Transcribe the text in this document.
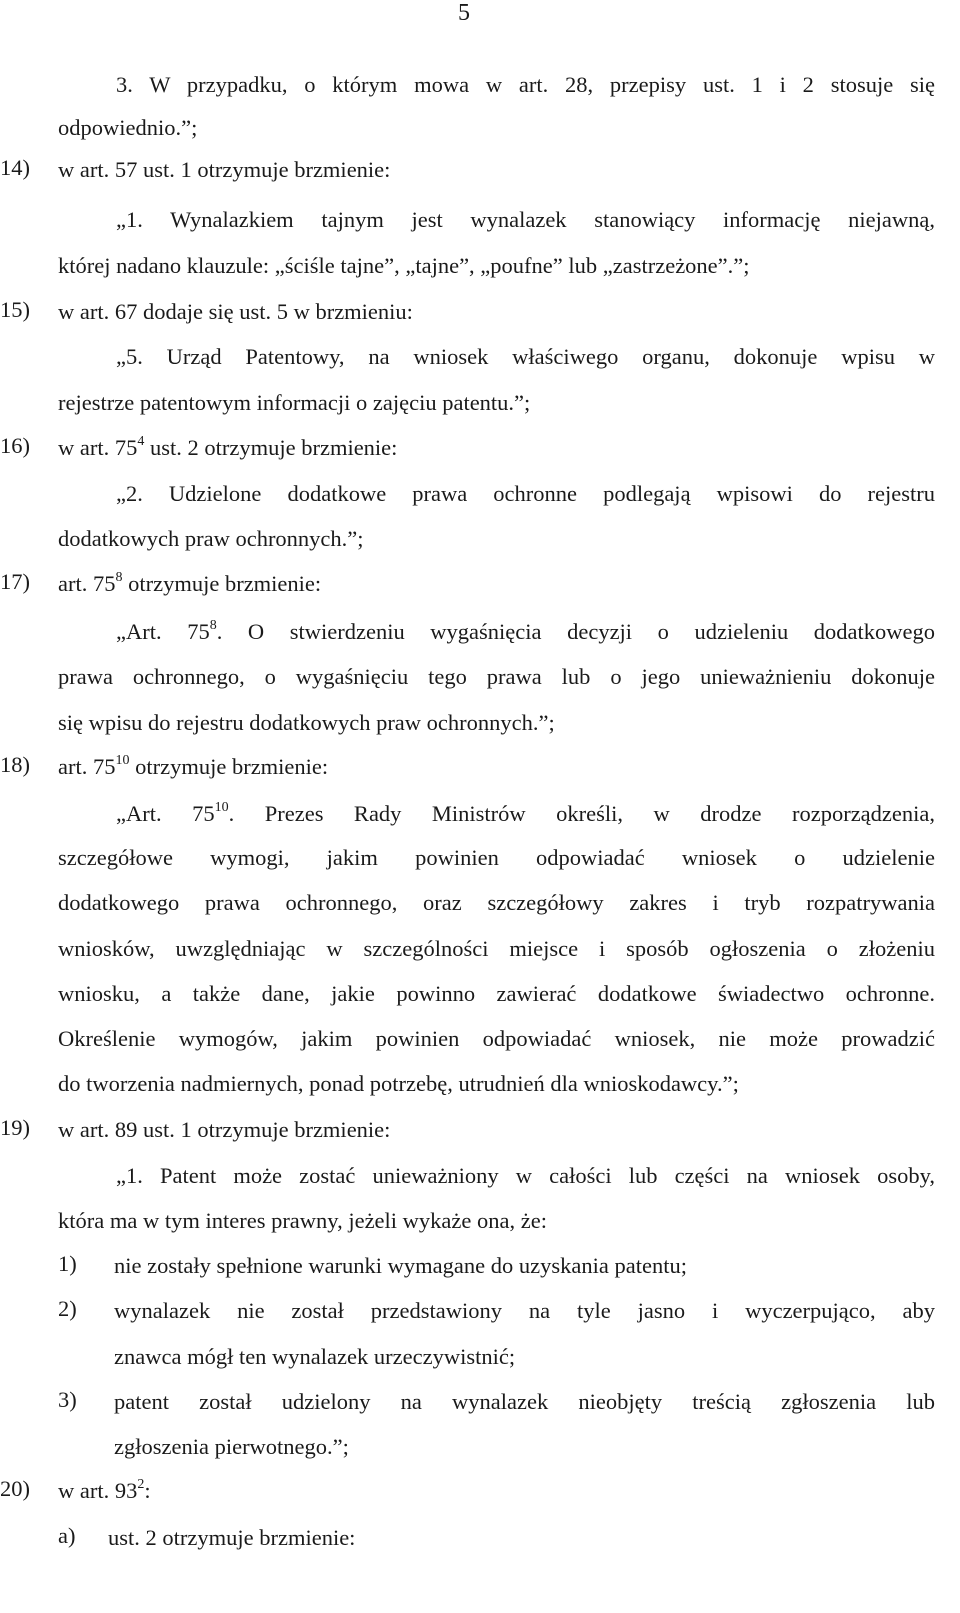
5
3. W przypadku, o którym mowa w art. 28, przepisy ust. 1 i 2 stosuje się
odpowiednio.”;
14) w art. 57 ust. 1 otrzymuje brzmienie:
„1. Wynalazkiem tajnym jest wynalazek stanowiący informację niejawną,
której nadano klauzule: „ściśle tajne”, „tajne”, „poufne” lub „zastrzeżone”.”;
15) w art. 67 dodaje się ust. 5 w brzmieniu:
„5. Urząd Patentowy, na wniosek właściwego organu, dokonuje wpisu w
rejestrze patentowym informacji o zajęciu patentu.”;
16) w art. $75^4$ ust. 2 otrzymuje brzmienie:
„2. Udzielone dodatkowe prawa ochronne podlegają wpisowi do rejestru
dodatkowych praw ochronnych.”;
17) art. $75^8$ otrzymuje brzmienie:
„Art. $75^8$. O stwierdzeniu wygaśnięcia decyzji o udzieleniu dodatkowego
prawa ochronnego, o wygaśnięciu tego prawa lub o jego unieważnieniu dokonuje
się wpisu do rejestru dodatkowych praw ochronnych.”;
18) art. $75^{10}$ otrzymuje brzmienie:
„Art. $75^{10}$. Prezes Rady Ministrów określi, w drodze rozporządzenia,
szczegółowe wymogi, jakim powinien odpowiadać wniosek o udzielenie
dodatkowego prawa ochronnego, oraz szczegółowy zakres i tryb rozpatrywania
wniosków, uwzględniając w szczególności miejsce i sposób ogłoszenia o złożeniu
wniosku, a także dane, jakie powinno zawierać dodatkowe świadectwo ochronne.
Określenie wymogów, jakim powinien odpowiadać wniosek, nie może prowadzić
do tworzenia nadmiernych, ponad potrzebę, utrudnień dla wnioskodawcy.”;
19) w art. 89 ust. 1 otrzymuje brzmienie:
„1. Patent może zostać unieważniony w całości lub części na wniosek osoby,
która ma w tym interes prawny, jeżeli wykaże ona, że:
1) nie zostały spełnione warunki wymagane do uzyskania patentu;
2) wynalazek nie został przedstawiony na tyle jasno i wyczerpująco, aby
znawca mógł ten wynalazek urzeczywistnić;
3) patent został udzielony na wynalazek nieobjęty treścią zgłoszenia lub
zgłoszenia pierwotnego.”;
20) w art. $93^2$:
a) ust. 2 otrzymuje brzmienie:
